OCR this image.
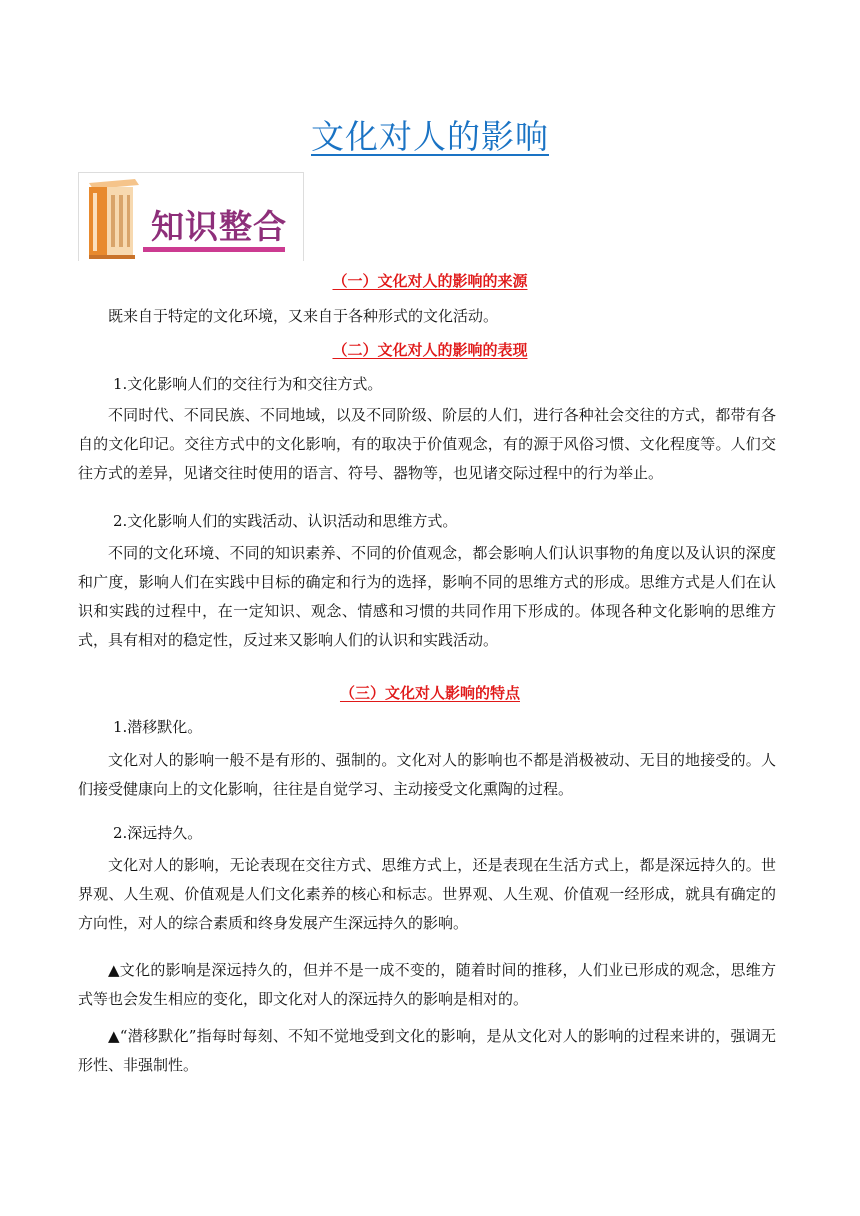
文化对人的影响
知识整合
（一）文化对人的影响的来源
既来自于特定的文化环境，又来自于各种形式的文化活动。
（二）文化对人的影响的表现
1.文化影响人们的交往行为和交往方式。

不同时代、不同民族、不同地域，以及不同阶级、阶层的人们，进行各种社会交往的方式，都带有各自的文化印记。交往方式中的文化影响，有的取决于价值观念，有的源于风俗习惯、文化程度等。人们交往方式的差异，见诸交往时使用的语言、符号、器物等，也见诸交际过程中的行为举止。

2.文化影响人们的实践活动、认识活动和思维方式。

不同的文化环境、不同的知识素养、不同的价值观念，都会影响人们认识事物的角度以及认识的深度和广度，影响人们在实践中目标的确定和行为的选择，影响不同的思维方式的形成。思维方式是人们在认识和实践的过程中，在一定知识、观念、情感和习惯的共同作用下形成的。体现各种文化影响的思维方式，具有相对的稳定性，反过来又影响人们的认识和实践活动。

（三）文化对人影响的特点
1.潜移默化。

文化对人的影响一般不是有形的、强制的。文化对人的影响也不都是消极被动、无目的地接受的。人们接受健康向上的文化影响，往往是自觉学习、主动接受文化熏陶的过程。

2.深远持久。

文化对人的影响，无论表现在交往方式、思维方式上，还是表现在生活方式上，都是深远持久的。世界观、人生观、价值观是人们文化素养的核心和标志。世界观、人生观、价值观一经形成，就具有确定的方向性，对人的综合素质和终身发展产生深远持久的影响。

▲文化的影响是深远持久的，但并不是一成不变的，随着时间的推移，人们业已形成的观念，思维方式等也会发生相应的变化，即文化对人的深远持久的影响是相对的。

▲“潜移默化”指每时每刻、不知不觉地受到文化的影响，是从文化对人的影响的过程来讲的，强调无形性、非强制性。
